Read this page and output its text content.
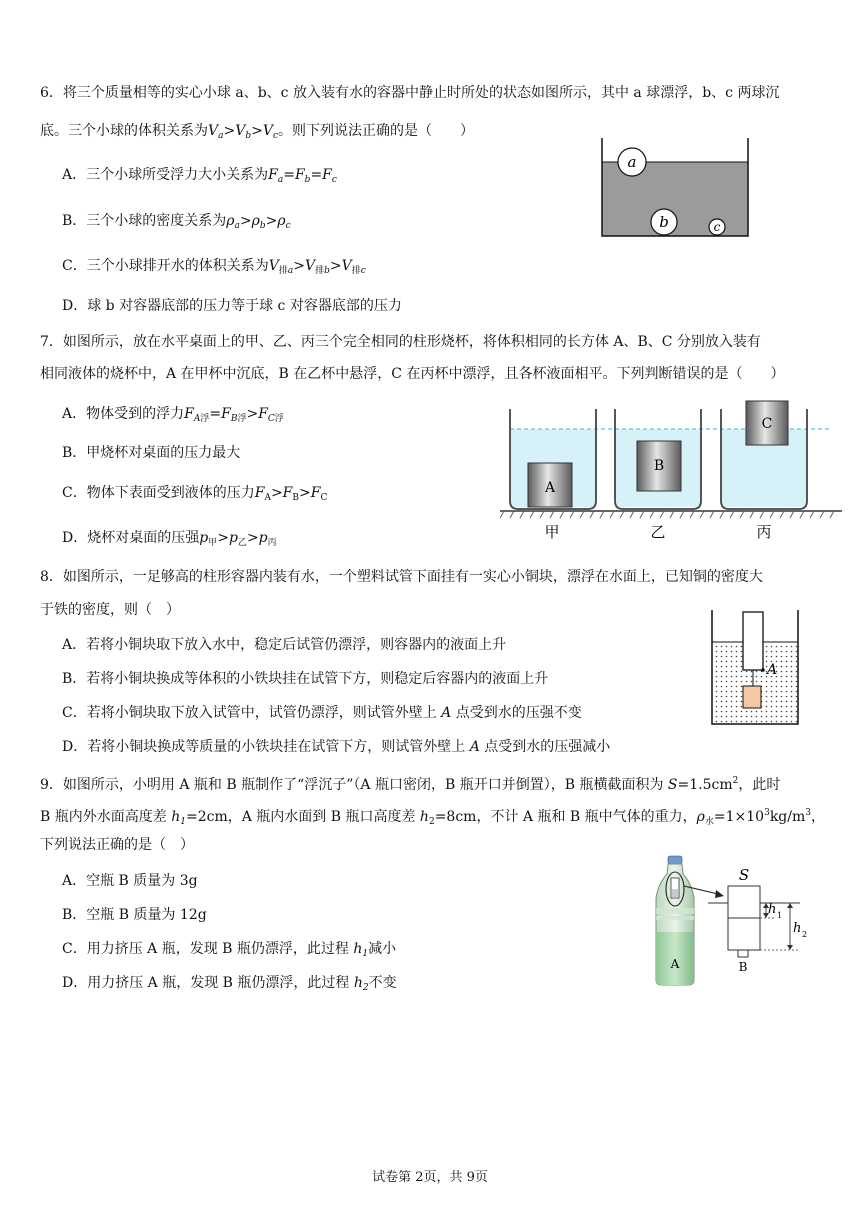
6．将三个质量相等的实心小球 a、b、c 放入装有水的容器中静止时所处的状态如图所示，其中 a 球漂浮，b、c 两球沉
底。三个小球的体积关系为$V_a>V_b>V_c$。则下列说法正确的是（　　）
A．三个小球所受浮力大小关系为$F_a=F_b=F_c$
B．三个小球的密度关系为$\rho_a>\rho_b>\rho_c$
C．三个小球排开水的体积关系为$V_{排a}>V_{排b}>V_{排c}$
D．球 b 对容器底部的压力等于球 c 对容器底部的压力
a
b	c
7．如图所示，放在水平桌面上的甲、乙、丙三个完全相同的柱形烧杯，将体积相同的长方体 A、B、C 分别放入装有
相同液体的烧杯中，A 在甲杯中沉底，B 在乙杯中悬浮，C 在丙杯中漂浮，且各杯液面相平。下列判断错误的是（　　）
A．物体受到的浮力$F_{A浮}=F_{B浮}>F_{C浮}$
B．甲烧杯对桌面的压力最大
C．物体下表面受到液体的压力$F_A>F_B>F_C$
D．烧杯对桌面的压强$p_甲>p_乙>p_丙$
A
B
C
甲	乙	丙
8．如图所示，一足够高的柱形容器内装有水，一个塑料试管下面挂有一实心小铜块，漂浮在水面上，已知铜的密度大
于铁的密度，则（　）
A．若将小铜块取下放入水中，稳定后试管仍漂浮，则容器内的液面上升
B．若将小铜块换成等体积的小铁块挂在试管下方，则稳定后容器内的液面上升
C．若将小铜块取下放入试管中，试管仍漂浮，则试管外壁上 A 点受到水的压强不变
D．若将小铜块换成等质量的小铁块挂在试管下方，则试管外壁上 A 点受到水的压强减小
A
9．如图所示，小明用 A 瓶和 B 瓶制作了“浮沉子”（A 瓶口密闭，B 瓶开口并倒置），B 瓶横截面积为 $S=1.5cm^2$，此时
B 瓶内外水面高度差 $h_1=2cm$，A 瓶内水面到 B 瓶口高度差 $h_2=8cm$，不计 A 瓶和 B 瓶中气体的重力，$\rho_水=1\times 10^3kg/m^3$，
下列说法正确的是（　）
A．空瓶 B 质量为 3g
B．空瓶 B 质量为 12g
C．用力挤压 A 瓶，发现 B 瓶仍漂浮，此过程 $h_1$减小
D．用力挤压 A 瓶，发现 B 瓶仍漂浮，此过程 $h_2$不变
A
S
h 1
h 2
B
试卷第 2页，共 9页
